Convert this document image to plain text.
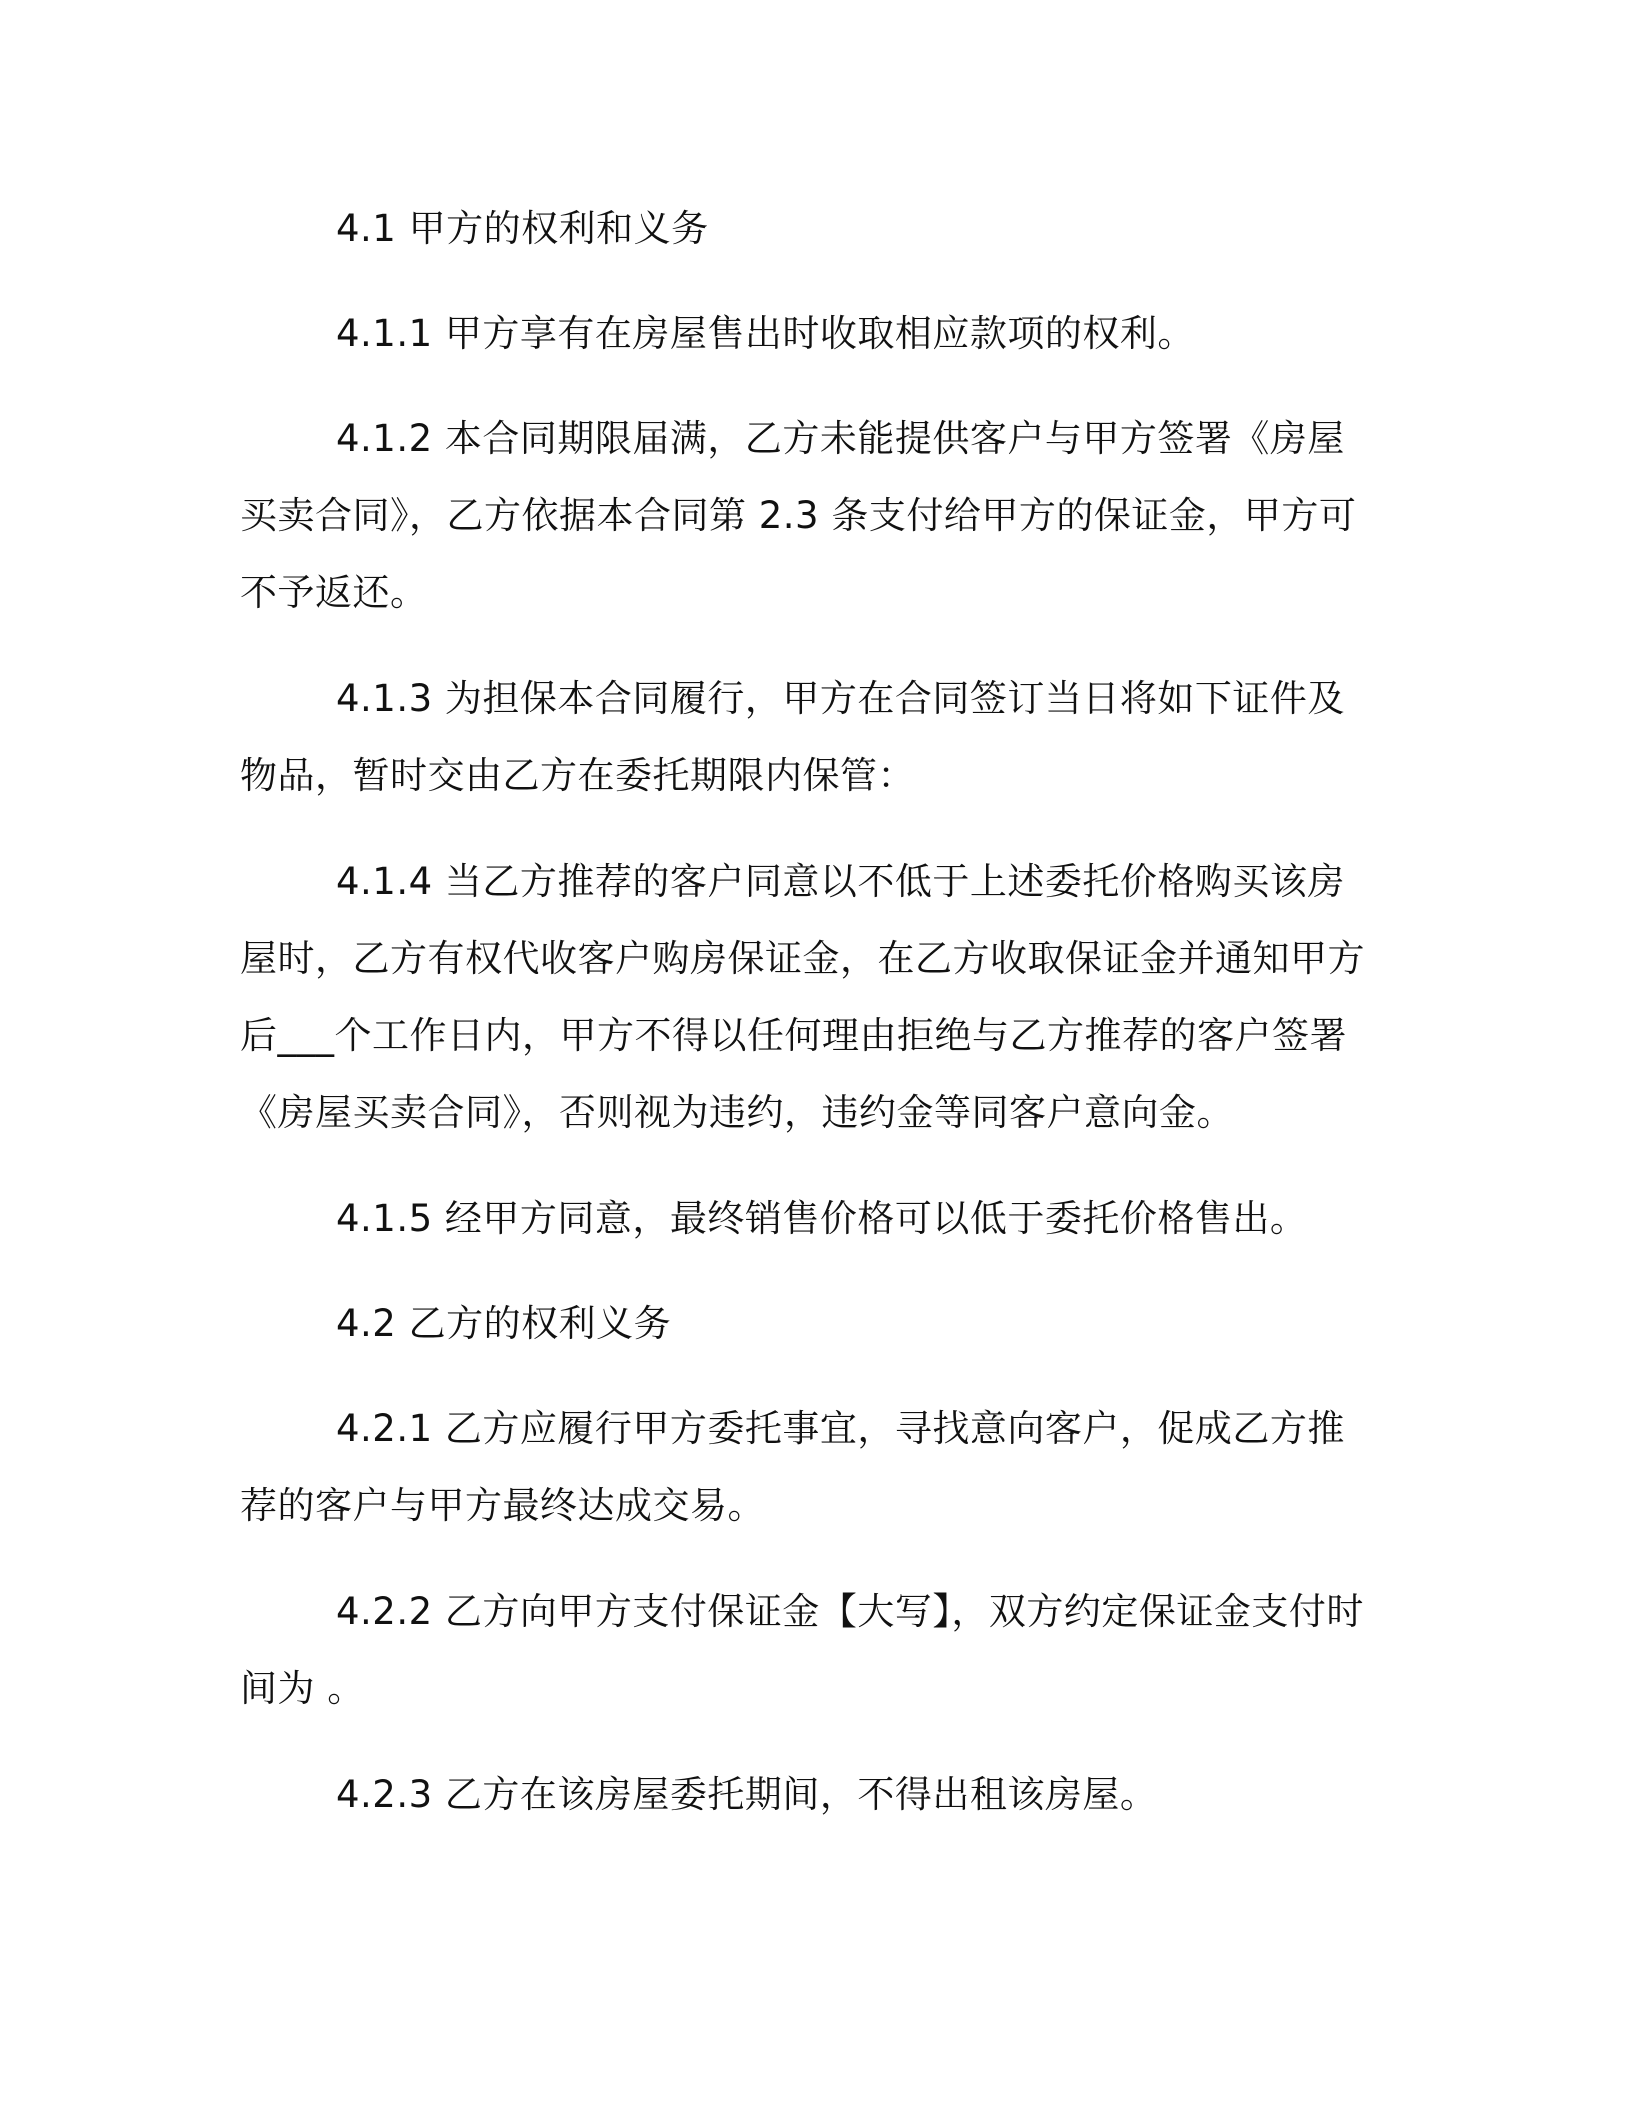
4.1 甲方的权利和义务

4.1.1 甲方享有在房屋售出时收取相应款项的权利。

4.1.2 本合同期限届满，乙方未能提供客户与甲方签署《房屋买卖合同》，乙方依据本合同第 2.3 条支付给甲方的保证金，甲方可不予返还。

4.1.3 为担保本合同履行，甲方在合同签订当日将如下证件及物品，暂时交由乙方在委托期限内保管：

4.1.4 当乙方推荐的客户同意以不低于上述委托价格购买该房屋时，乙方有权代收客户购房保证金，在乙方收取保证金并通知甲方后___个工作日内，甲方不得以任何理由拒绝与乙方推荐的客户签署《房屋买卖合同》，否则视为违约，违约金等同客户意向金。

4.1.5 经甲方同意，最终销售价格可以低于委托价格售出。

4.2 乙方的权利义务

4.2.1 乙方应履行甲方委托事宜，寻找意向客户，促成乙方推荐的客户与甲方最终达成交易。

4.2.2 乙方向甲方支付保证金【大写】，双方约定保证金支付时间为 。

4.2.3 乙方在该房屋委托期间，不得出租该房屋。
